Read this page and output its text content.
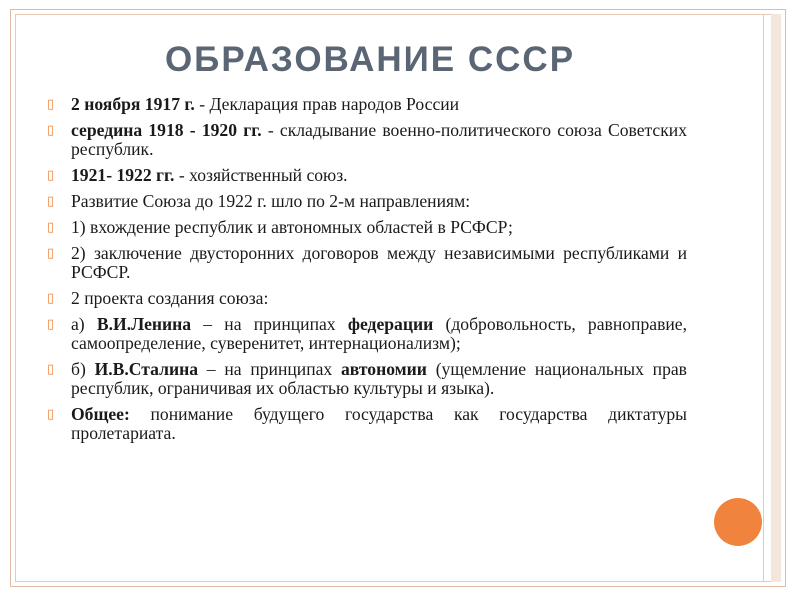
ОБРАЗОВАНИЕ СССР
▯ 2 ноября 1917 г. - Декларация прав народов России
▯ середина 1918 - 1920 гг. - складывание военно-политического союза Советских республик.
▯ 1921- 1922 гг. - хозяйственный союз.
▯ Развитие Союза до 1922 г. шло по 2-м направлениям:
▯ 1) вхождение республик и автономных областей в РСФСР;
▯ 2) заключение двусторонних договоров между независимыми республиками и РСФСР.
▯ 2 проекта создания союза:
▯ а) В.И.Ленина – на принципах федерации (добровольность, равноправие, самоопределение, суверенитет, интернационализм);
▯ б) И.В.Сталина – на принципах автономии (ущемление национальных прав республик, ограничивая их областью культуры и языка).
▯ Общее: понимание будущего государства как государства диктатуры пролетариата.
